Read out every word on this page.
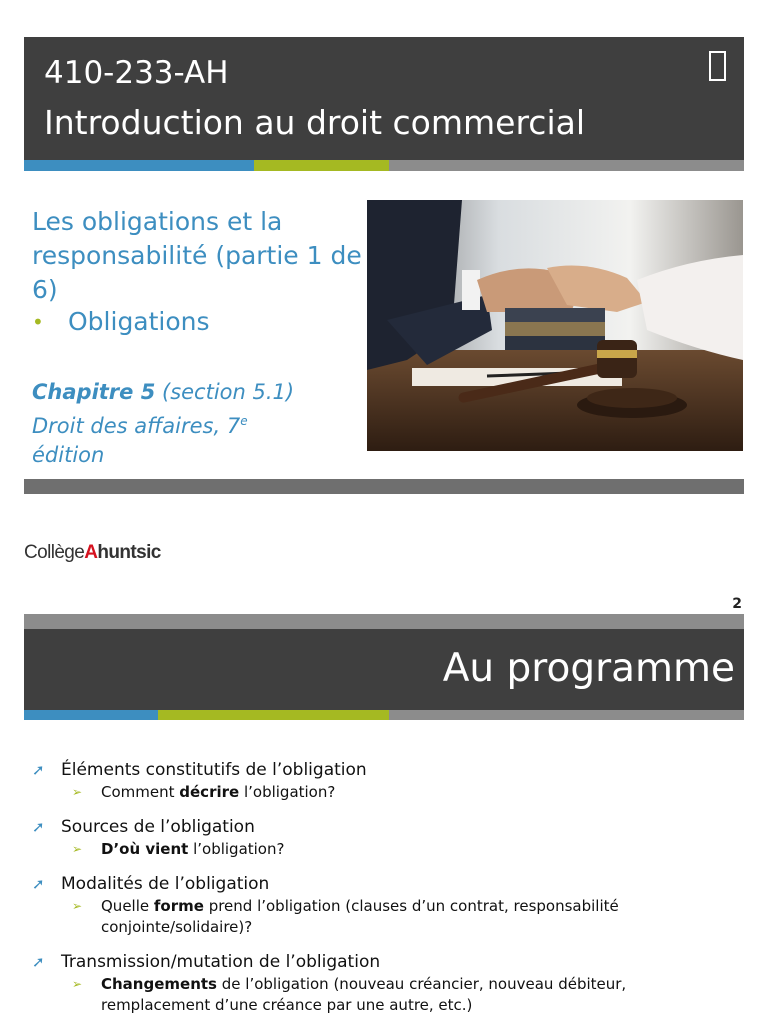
410-233-AH
Introduction au droit commercial
Les obligations et la responsabilité (partie 1 de 6)
• Obligations
Chapitre 5 (section 5.1)
Droit des affaires, 7e
édition
CollègeAhuntsic
2
Au programme
➚ Éléments constitutifs de l’obligation
➢ Comment décrire l’obligation?
➚ Sources de l’obligation
➢ D’où vient l’obligation?
➚ Modalités de l’obligation
➢ Quelle forme prend l’obligation (clauses d’un contrat, responsabilité conjointe/solidaire)?
➚ Transmission/mutation de l’obligation
➢ Changements de l’obligation (nouveau créancier, nouveau débiteur, remplacement d’une créance par une autre, etc.)
